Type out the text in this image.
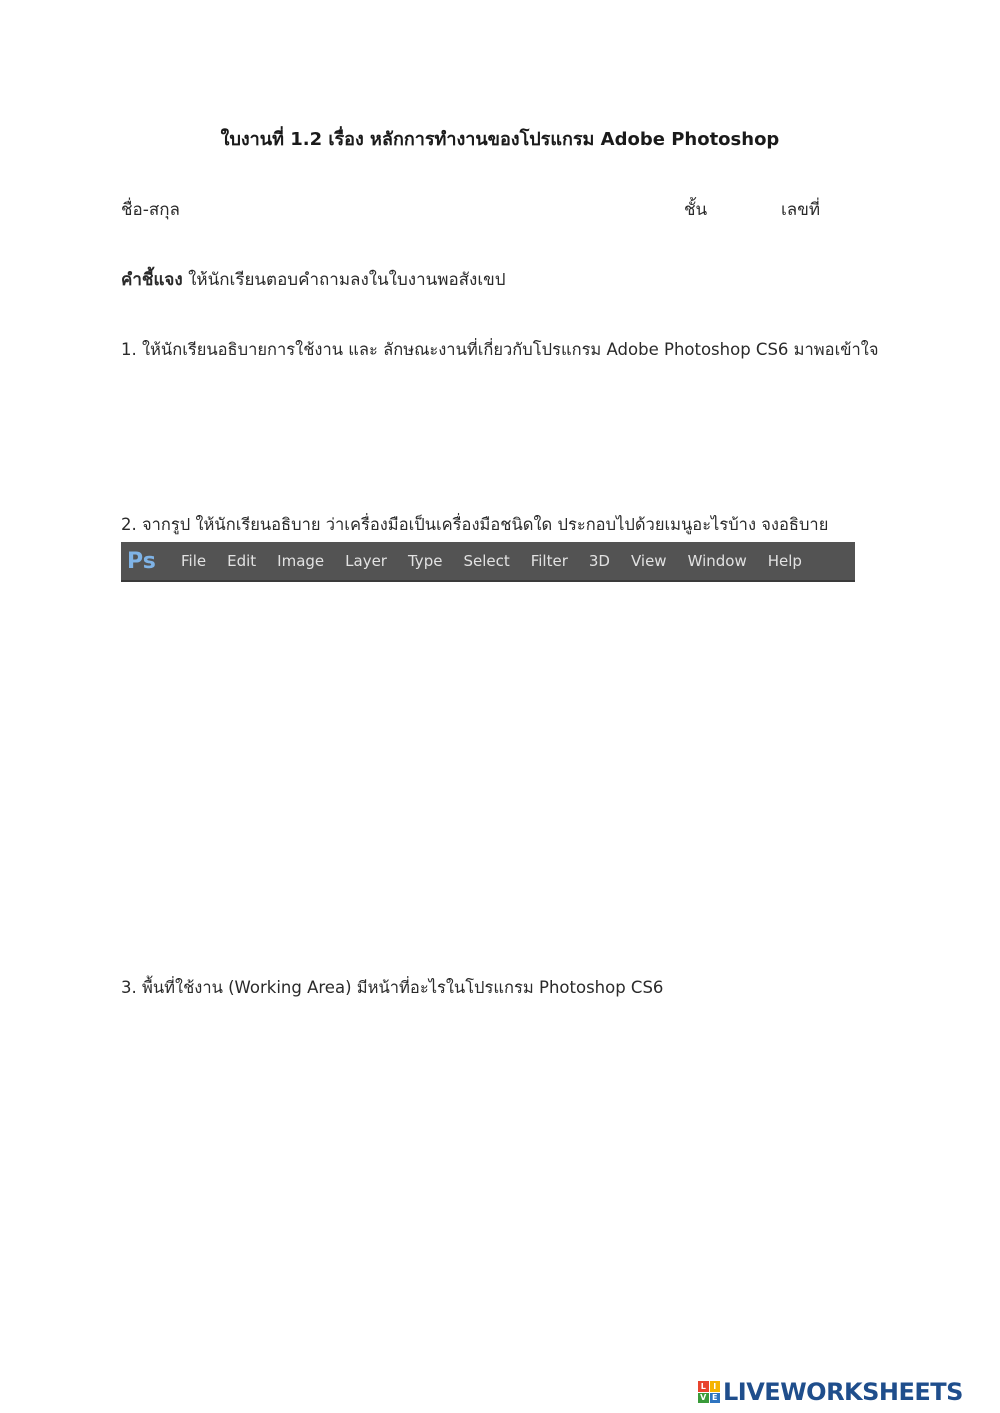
ใบงานที่ 1.2 เรื่อง หลักการทำงานของโปรแกรม Adobe Photoshop
ชื่อ-สกุล	ชั้น	เลขที่
คำชี้แจง ให้นักเรียนตอบคำถามลงในใบงานพอสังเขป
1. ให้นักเรียนอธิบายการใช้งาน และ ลักษณะงานที่เกี่ยวกับโปรแกรม Adobe Photoshop CS6 มาพอเข้าใจ
2. จากรูป ให้นักเรียนอธิบาย ว่าเครื่องมือเป็นเครื่องมือชนิดใด ประกอบไปด้วยเมนูอะไรบ้าง จงอธิบาย
Ps	File Edit Image Layer Type Select Filter 3D View Window Help
3. พื้นที่ใช้งาน (Working Area) มีหน้าที่อะไรในโปรแกรม Photoshop CS6
L I
V E LIVEWORKSHEETS
